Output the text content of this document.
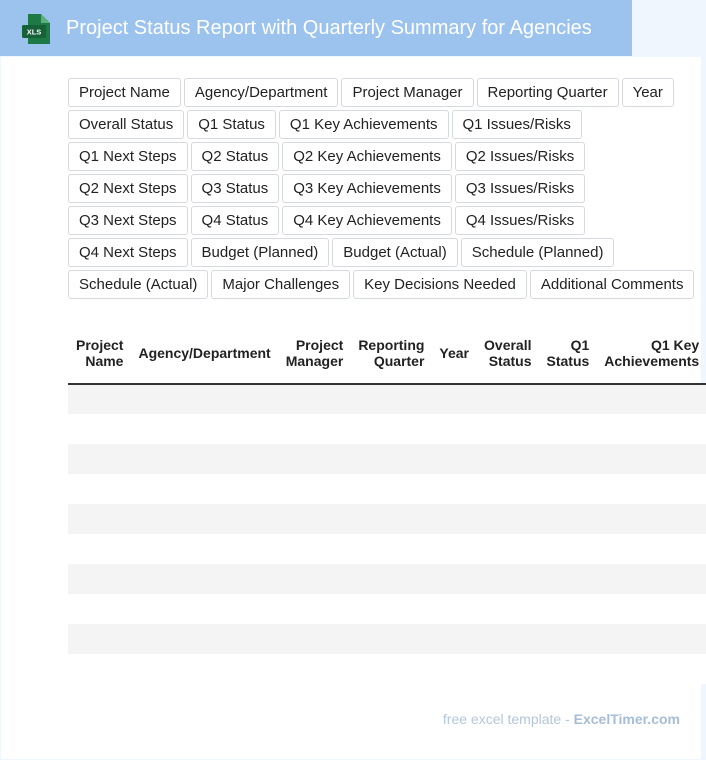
XLS Project Status Report with Quarterly Summary for Agencies
Project Name	Agency/Department	Project Manager	Reporting Quarter	Year
Overall Status	Q1 Status	Q1 Key Achievements	Q1 Issues/Risks
Q1 Next Steps	Q2 Status	Q2 Key Achievements	Q2 Issues/Risks
Q2 Next Steps	Q3 Status	Q3 Key Achievements	Q3 Issues/Risks
Q3 Next Steps	Q4 Status	Q4 Key Achievements	Q4 Issues/Risks
Q4 Next Steps	Budget (Planned)	Budget (Actual)	Schedule (Planned)
Schedule (Actual)	Major Challenges	Key Decisions Needed	Additional Comments
Project Name	Agency/Department	Project Manager	Reporting Quarter	Year	Overall Status	Q1 Status	Q1 Key Achievements

free excel template - ExcelTimer.com
